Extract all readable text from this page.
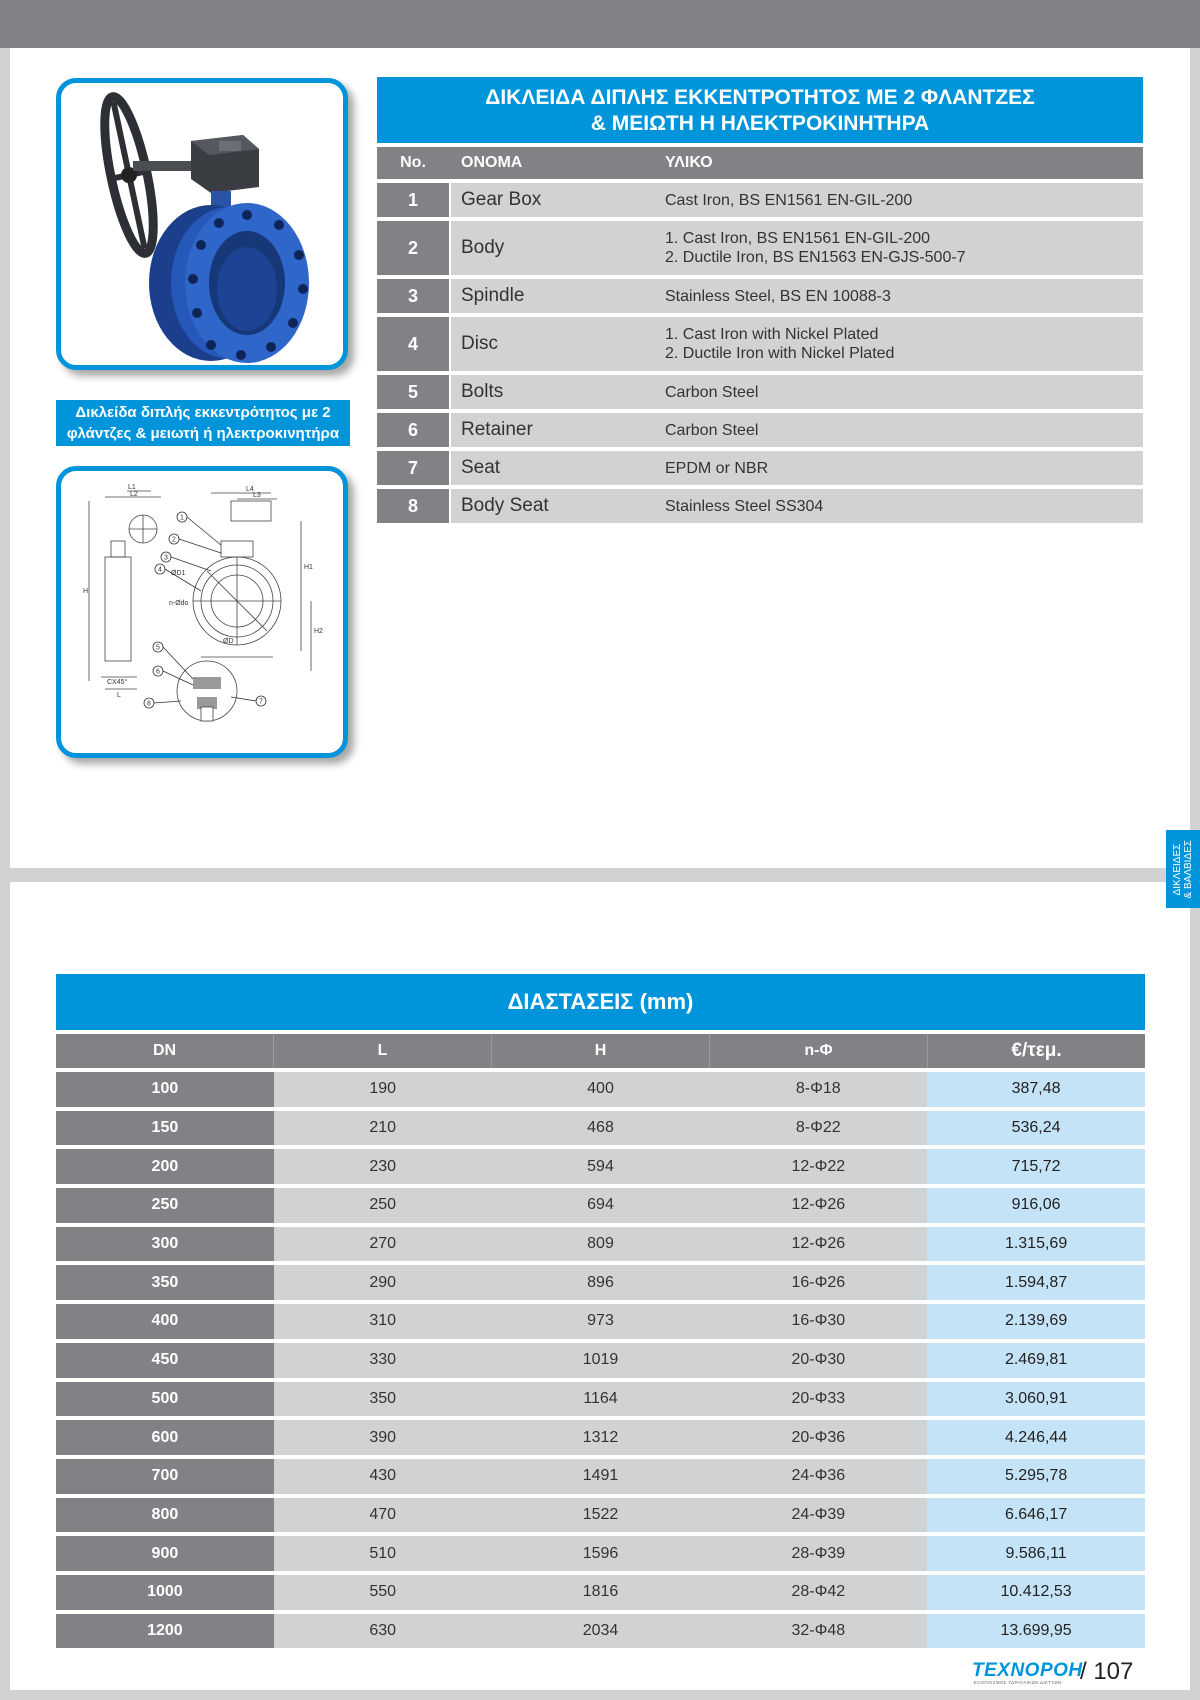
ΔΙΚΛΕΙΔΕΣ
& ΒΑΛΒΙΔΕΣ
Δικλείδα διπλής εκκεντρότητος με 2
φλάντζες & μειωτή ή ηλεκτροκινητήρα
L1
L2
L4
L3
H
H1
H2
ØD1
n-Ødo
ØD
CX45°
L
1
2
3
4
5
6
7
8
ΔΙΚΛΕΙΔΑ ΔΙΠΛΗΣ ΕΚΚΕΝΤΡΟΤΗΤΟΣ ΜΕ 2 ΦΛΑΝΤΖΕΣ
& ΜΕΙΩΤΗ Η ΗΛΕΚΤΡΟΚΙΝΗΤΗΡΑ
No.	ΟΝΟΜΑ	ΥΛΙΚΟ
1	Gear Box	Cast Iron, BS EN1561 EN-GIL-200
2	Body	1. Cast Iron, BS EN1561 EN-GIL-200
2. Ductile Iron, BS EN1563 EN-GJS-500-7
3	Spindle	Stainless Steel, BS EN 10088-3
4	Disc	1. Cast Iron with Nickel Plated
2. Ductile Iron with Nickel Plated
5	Bolts	Carbon Steel
6	Retainer	Carbon Steel
7	Seat	EPDM or NBR
8	Body Seat	Stainless Steel SS304
ΔΙΑΣΤΑΣΕΙΣ (mm)
DN	L	H	n-Φ	€/τεμ.
100	190	400	8-Φ18	387,48
150	210	468	8-Φ22	536,24
200	230	594	12-Φ22	715,72
250	250	694	12-Φ26	916,06
300	270	809	12-Φ26	1.315,69
350	290	896	16-Φ26	1.594,87
400	310	973	16-Φ30	2.139,69
450	330	1019	20-Φ30	2.469,81
500	350	1164	20-Φ33	3.060,91
600	390	1312	20-Φ36	4.246,44
700	430	1491	24-Φ36	5.295,78
800	470	1522	24-Φ39	6.646,17
900	510	1596	28-Φ39	9.586,11
1000	550	1816	28-Φ42	10.412,53
1200	630	2034	32-Φ48	13.699,95
ΤΕΧΝΟΡΟΗ
ΕΞΟΠΛΙΣΜΟΣ ΥΔΡΑΥΛΙΚΩΝ ΔΙΚΤΥΩΝ / 107
